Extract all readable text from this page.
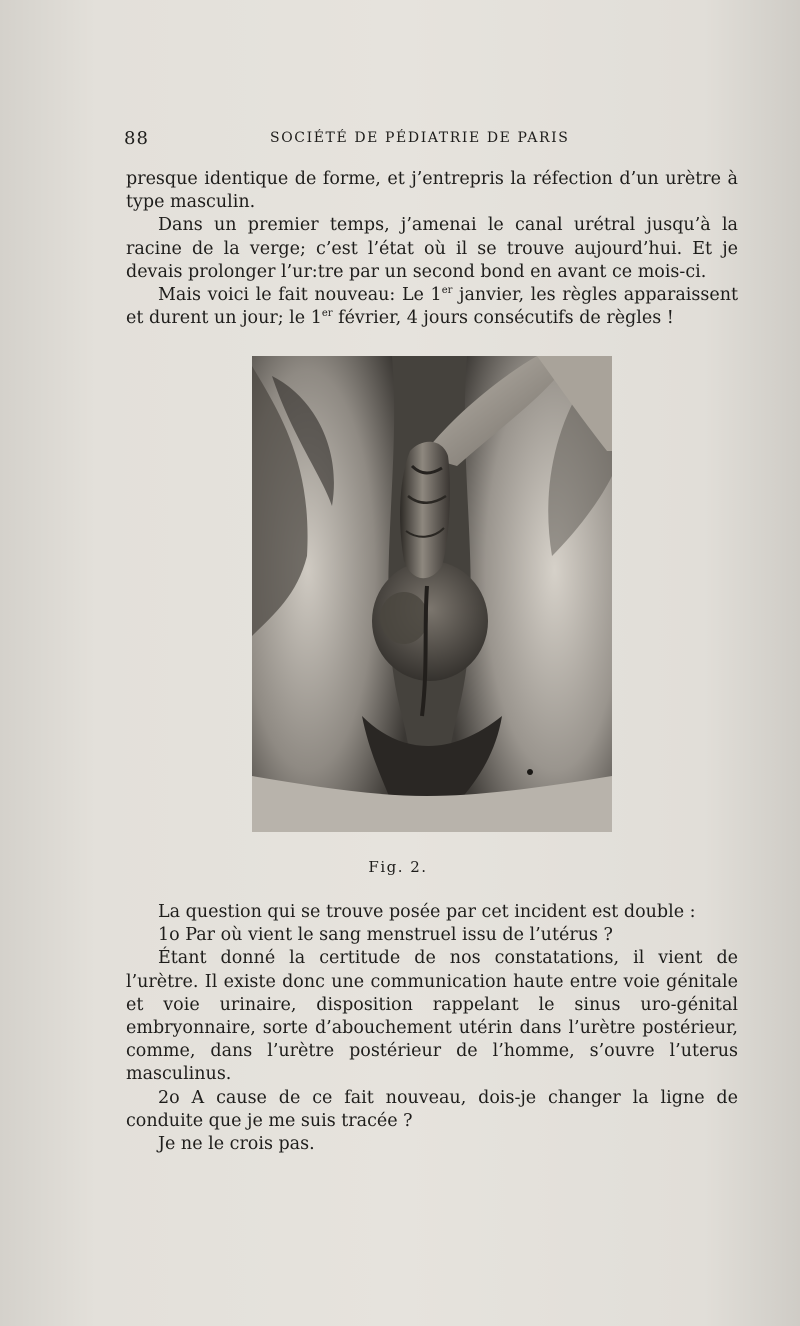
88	SOCIÉTÉ DE PÉDIATRIE DE PARIS

presque identique de forme, et j’entrepris la réfection d’un urètre à type masculin.

Dans un premier temps, j’amenai le canal urétral jusqu’à la racine de la verge; c’est l’état où il se trouve aujourd’hui. Et je devais prolonger l’ur:tre par un second bond en avant ce mois-ci.

Mais voici le fait nouveau: Le 1er janvier, les règles apparaissent et durent un jour; le 1er février, 4 jours consécutifs de règles !

Fig. 2.

La question qui se trouve posée par cet incident est double :

1o Par où vient le sang menstruel issu de l’utérus ?

Étant donné la certitude de nos constatations, il vient de l’urètre. Il existe donc une communication haute entre voie génitale et voie urinaire, disposition rappelant le sinus uro-génital embryonnaire, sorte d’abouchement utérin dans l’urètre postérieur, comme, dans l’urètre postérieur de l’homme, s’ouvre l’uterus masculinus.

2o A cause de ce fait nouveau, dois-je changer la ligne de conduite que je me suis tracée ?

Je ne le crois pas.
